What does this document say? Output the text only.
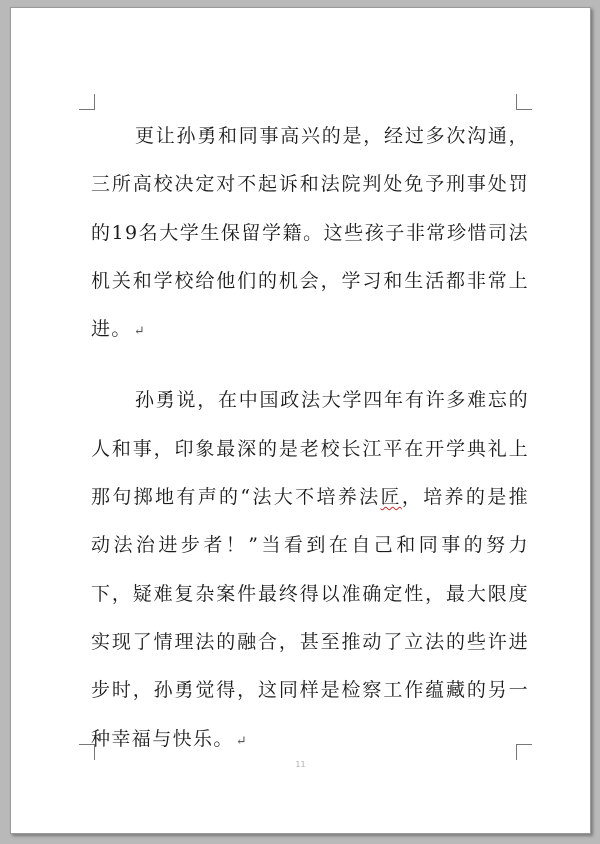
更让孙勇和同事高兴的是，经过多次沟通，三所高校决定对不起诉和法院判处免予刑事处罚的19名大学生保留学籍。这些孩子非常珍惜司法机关和学校给他们的机会，学习和生活都非常上进。 ↵

孙勇说，在中国政法大学四年有许多难忘的人和事，印象最深的是老校长江平在开学典礼上那句掷地有声的“法大不培养法匠，培养的是推动法治进步者！”当看到在自己和同事的努力下，疑难复杂案件最终得以准确定性，最大限度实现了情理法的融合，甚至推动了立法的些许进步时，孙勇觉得，这同样是检察工作蕴藏的另一种幸福与快乐。 ↵

11
